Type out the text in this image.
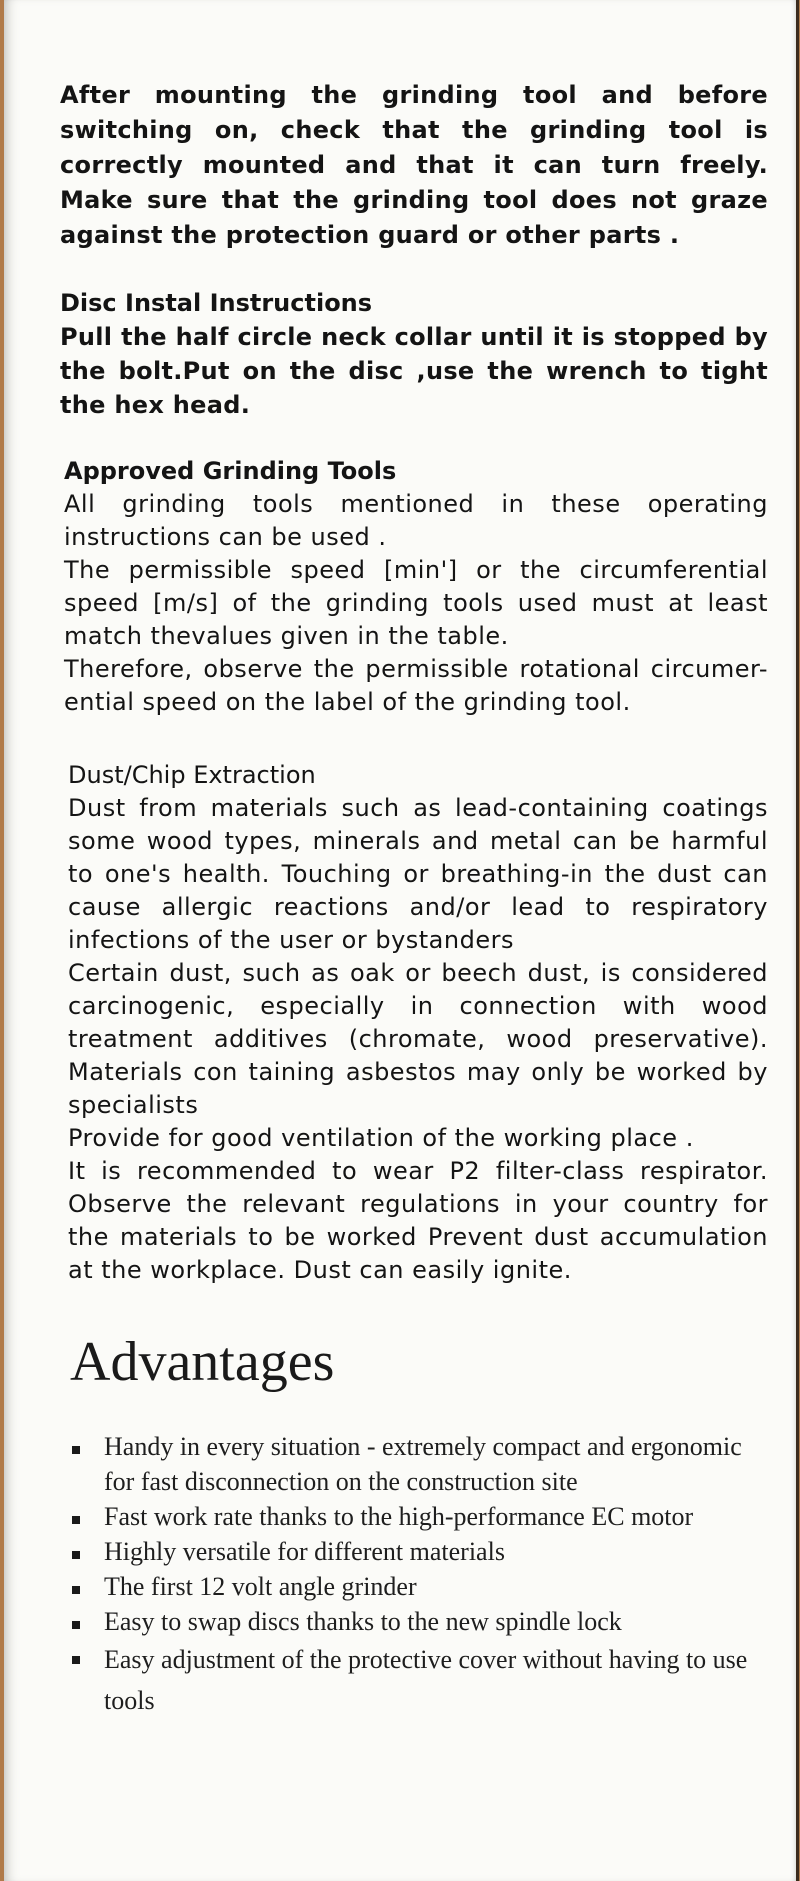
After mounting the grinding tool and before switching on, check that the grinding tool is correctly mounted and that it can turn freely. Make sure that the grinding tool does not graze against the protection guard or other parts .
Disc Instal Instructions
Pull the half circle neck collar until it is stopped by the bolt.Put on the disc ,use the wrench to tight the hex head.
Approved Grinding Tools
All grinding tools mentioned in these operating instructions can be used .
The permissible speed [min'] or the circumferential speed [m/s] of the grinding tools used must at least match thevalues given in the table.
Therefore, observe the permissible rotational circumer-ential speed on the label of the grinding tool.
Dust/Chip Extraction
Dust from materials such as lead-containing coatings some wood types, minerals and metal can be harmful to one's health. Touching or breathing-in the dust can cause allergic reactions and/or lead to respiratory infections of the user or bystanders
Certain dust, such as oak or beech dust, is considered carcinogenic, especially in connection with wood treatment additives (chromate, wood preservative). Materials con taining asbestos may only be worked by specialists
Provide for good ventilation of the working place .
It is recommended to wear P2 filter-class respirator. Observe the relevant regulations in your country for the materials to be worked Prevent dust accumulation at the workplace. Dust can easily ignite.
Advantages
Handy in every situation - extremely compact and ergonomic for fast disconnection on the construction site
Fast work rate thanks to the high-performance EC motor
Highly versatile for different materials
The first 12 volt angle grinder
Easy to swap discs thanks to the new spindle lock
Easy adjustment of the protective cover without having to use tools
